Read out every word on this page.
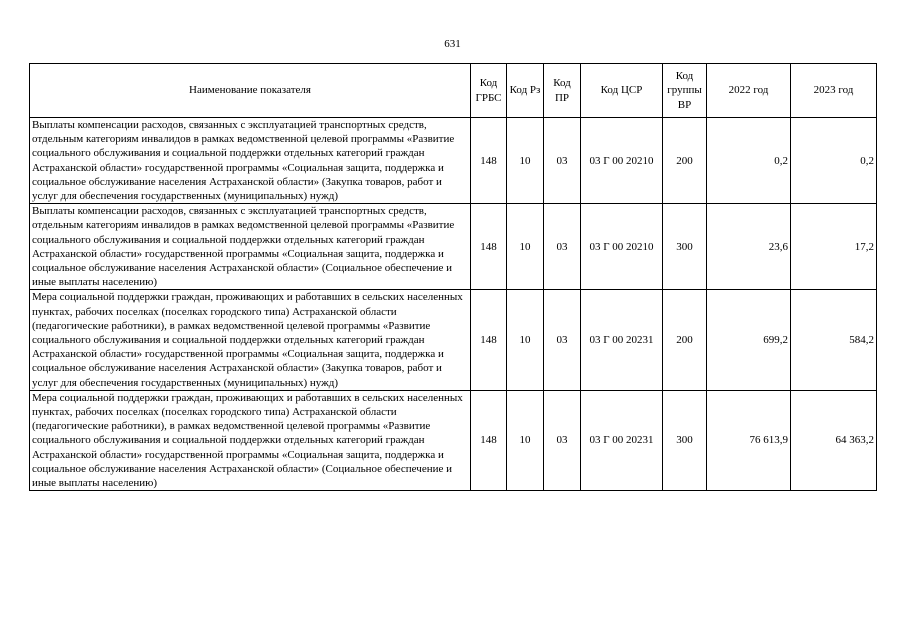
631
Наименование показателя	Код ГРБС	Код Рз	Код ПР	Код ЦСР	Код группы ВР	2022 год	2023 год
Выплаты компенсации расходов, связанных с эксплуатацией транспортных средств, отдельным категориям инвалидов в рамках ведомственной целевой программы «Развитие социального обслуживания и социальной поддержки отдельных категорий граждан Астраханской области» государственной программы «Социальная защита, поддержка и социальное обслуживание населения Астраханской области» (Закупка товаров, работ и услуг для обеспечения государственных (муниципальных) нужд)	148	10	03	03 Г 00 20210	200	0,2	0,2
Выплаты компенсации расходов, связанных с эксплуатацией транспортных средств, отдельным категориям инвалидов в рамках ведомственной целевой программы «Развитие социального обслуживания и социальной поддержки отдельных категорий граждан Астраханской области» государственной программы «Социальная защита, поддержка и социальное обслуживание населения Астраханской области» (Социальное обеспечение и иные выплаты населению)	148	10	03	03 Г 00 20210	300	23,6	17,2
Мера социальной поддержки граждан, проживающих и работавших в сельских населенных пунктах, рабочих поселках (поселках городского типа) Астраханской области (педагогические работники), в рамках ведомственной целевой программы «Развитие социального обслуживания и социальной поддержки отдельных категорий граждан Астраханской области» государственной программы «Социальная защита, поддержка и социальное обслуживание населения Астраханской области» (Закупка товаров, работ и услуг для обеспечения государственных (муниципальных) нужд)	148	10	03	03 Г 00 20231	200	699,2	584,2
Мера социальной поддержки граждан, проживающих и работавших в сельских населенных пунктах, рабочих поселках (поселках городского типа) Астраханской области (педагогические работники), в рамках ведомственной целевой программы «Развитие социального обслуживания и социальной поддержки отдельных категорий граждан Астраханской области» государственной программы «Социальная защита, поддержка и социальное обслуживание населения Астраханской области» (Социальное обеспечение и иные выплаты населению)	148	10	03	03 Г 00 20231	300	76 613,9	64 363,2
